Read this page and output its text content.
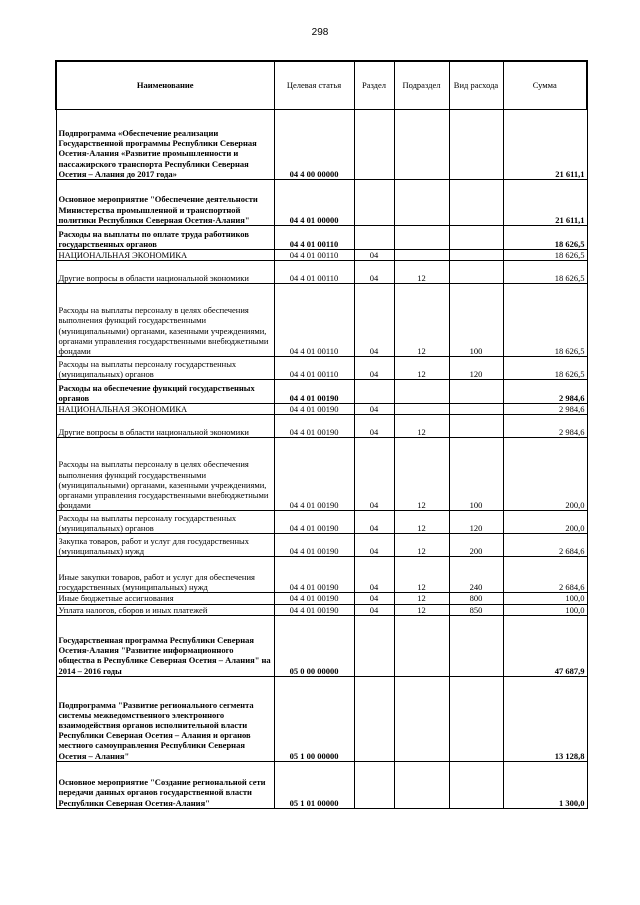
298
Наименование	Целевая статья	Раздел	Подраздел	Вид расхода	Сумма
Подпрограмма «Обеспечение реализации Государственной программы Республики Северная Осетия-Алания «Развитие промышленности и пассажирского транспорта Республики Северная Осетия – Алания до 2017 года»	04 4 00 00000				21 611,1
Основное мероприятие "Обеспечение деятельности Министерства промышленной и транспортной политики Республики Северная Осетия-Алания"	04 4 01 00000				21 611,1
Расходы на выплаты по оплате труда работников государственных органов	04 4 01 00110				18 626,5
НАЦИОНАЛЬНАЯ ЭКОНОМИКА	04 4 01 00110	04			18 626,5
Другие вопросы в области национальной экономики	04 4 01 00110	04	12		18 626,5
Расходы на выплаты персоналу в целях обеспечения выполнения функций государственными (муниципальными) органами, казенными учреждениями, органами управления государственными внебюджетными фондами	04 4 01 00110	04	12	100	18 626,5
Расходы на выплаты персоналу государственных (муниципальных) органов	04 4 01 00110	04	12	120	18 626,5
Расходы на обеспечение функций государственных органов	04 4 01 00190				2 984,6
НАЦИОНАЛЬНАЯ ЭКОНОМИКА	04 4 01 00190	04			2 984,6
Другие вопросы в области национальной экономики	04 4 01 00190	04	12		2 984,6
Расходы на выплаты персоналу в целях обеспечения выполнения функций государственными (муниципальными) органами, казенными учреждениями, органами управления государственными внебюджетными фондами	04 4 01 00190	04	12	100	200,0
Расходы на выплаты персоналу государственных (муниципальных) органов	04 4 01 00190	04	12	120	200,0
Закупка товаров, работ и услуг для государственных (муниципальных) нужд	04 4 01 00190	04	12	200	2 684,6
Иные закупки товаров, работ и услуг для обеспечения государственных (муниципальных) нужд	04 4 01 00190	04	12	240	2 684,6
Иные бюджетные ассигнования	04 4 01 00190	04	12	800	100,0
Уплата налогов, сборов и иных платежей	04 4 01 00190	04	12	850	100,0
Государственная программа Республики Северная Осетия-Алания "Развитие информационного общества в Республике Северная Осетия – Алания" на 2014 – 2016 годы	05 0 00 00000				47 687,9
Подпрограмма "Развитие регионального сегмента системы межведомственного электронного взаимодействия органов исполнительной власти Республики Северная Осетия – Алания и органов местного самоуправления Республики Северная Осетия – Алания"	05 1 00 00000				13 128,8
Основное мероприятие "Создание региональной сети передачи данных органов государственной власти Республики Северная Осетия-Алания"	05 1 01 00000				1 300,0
